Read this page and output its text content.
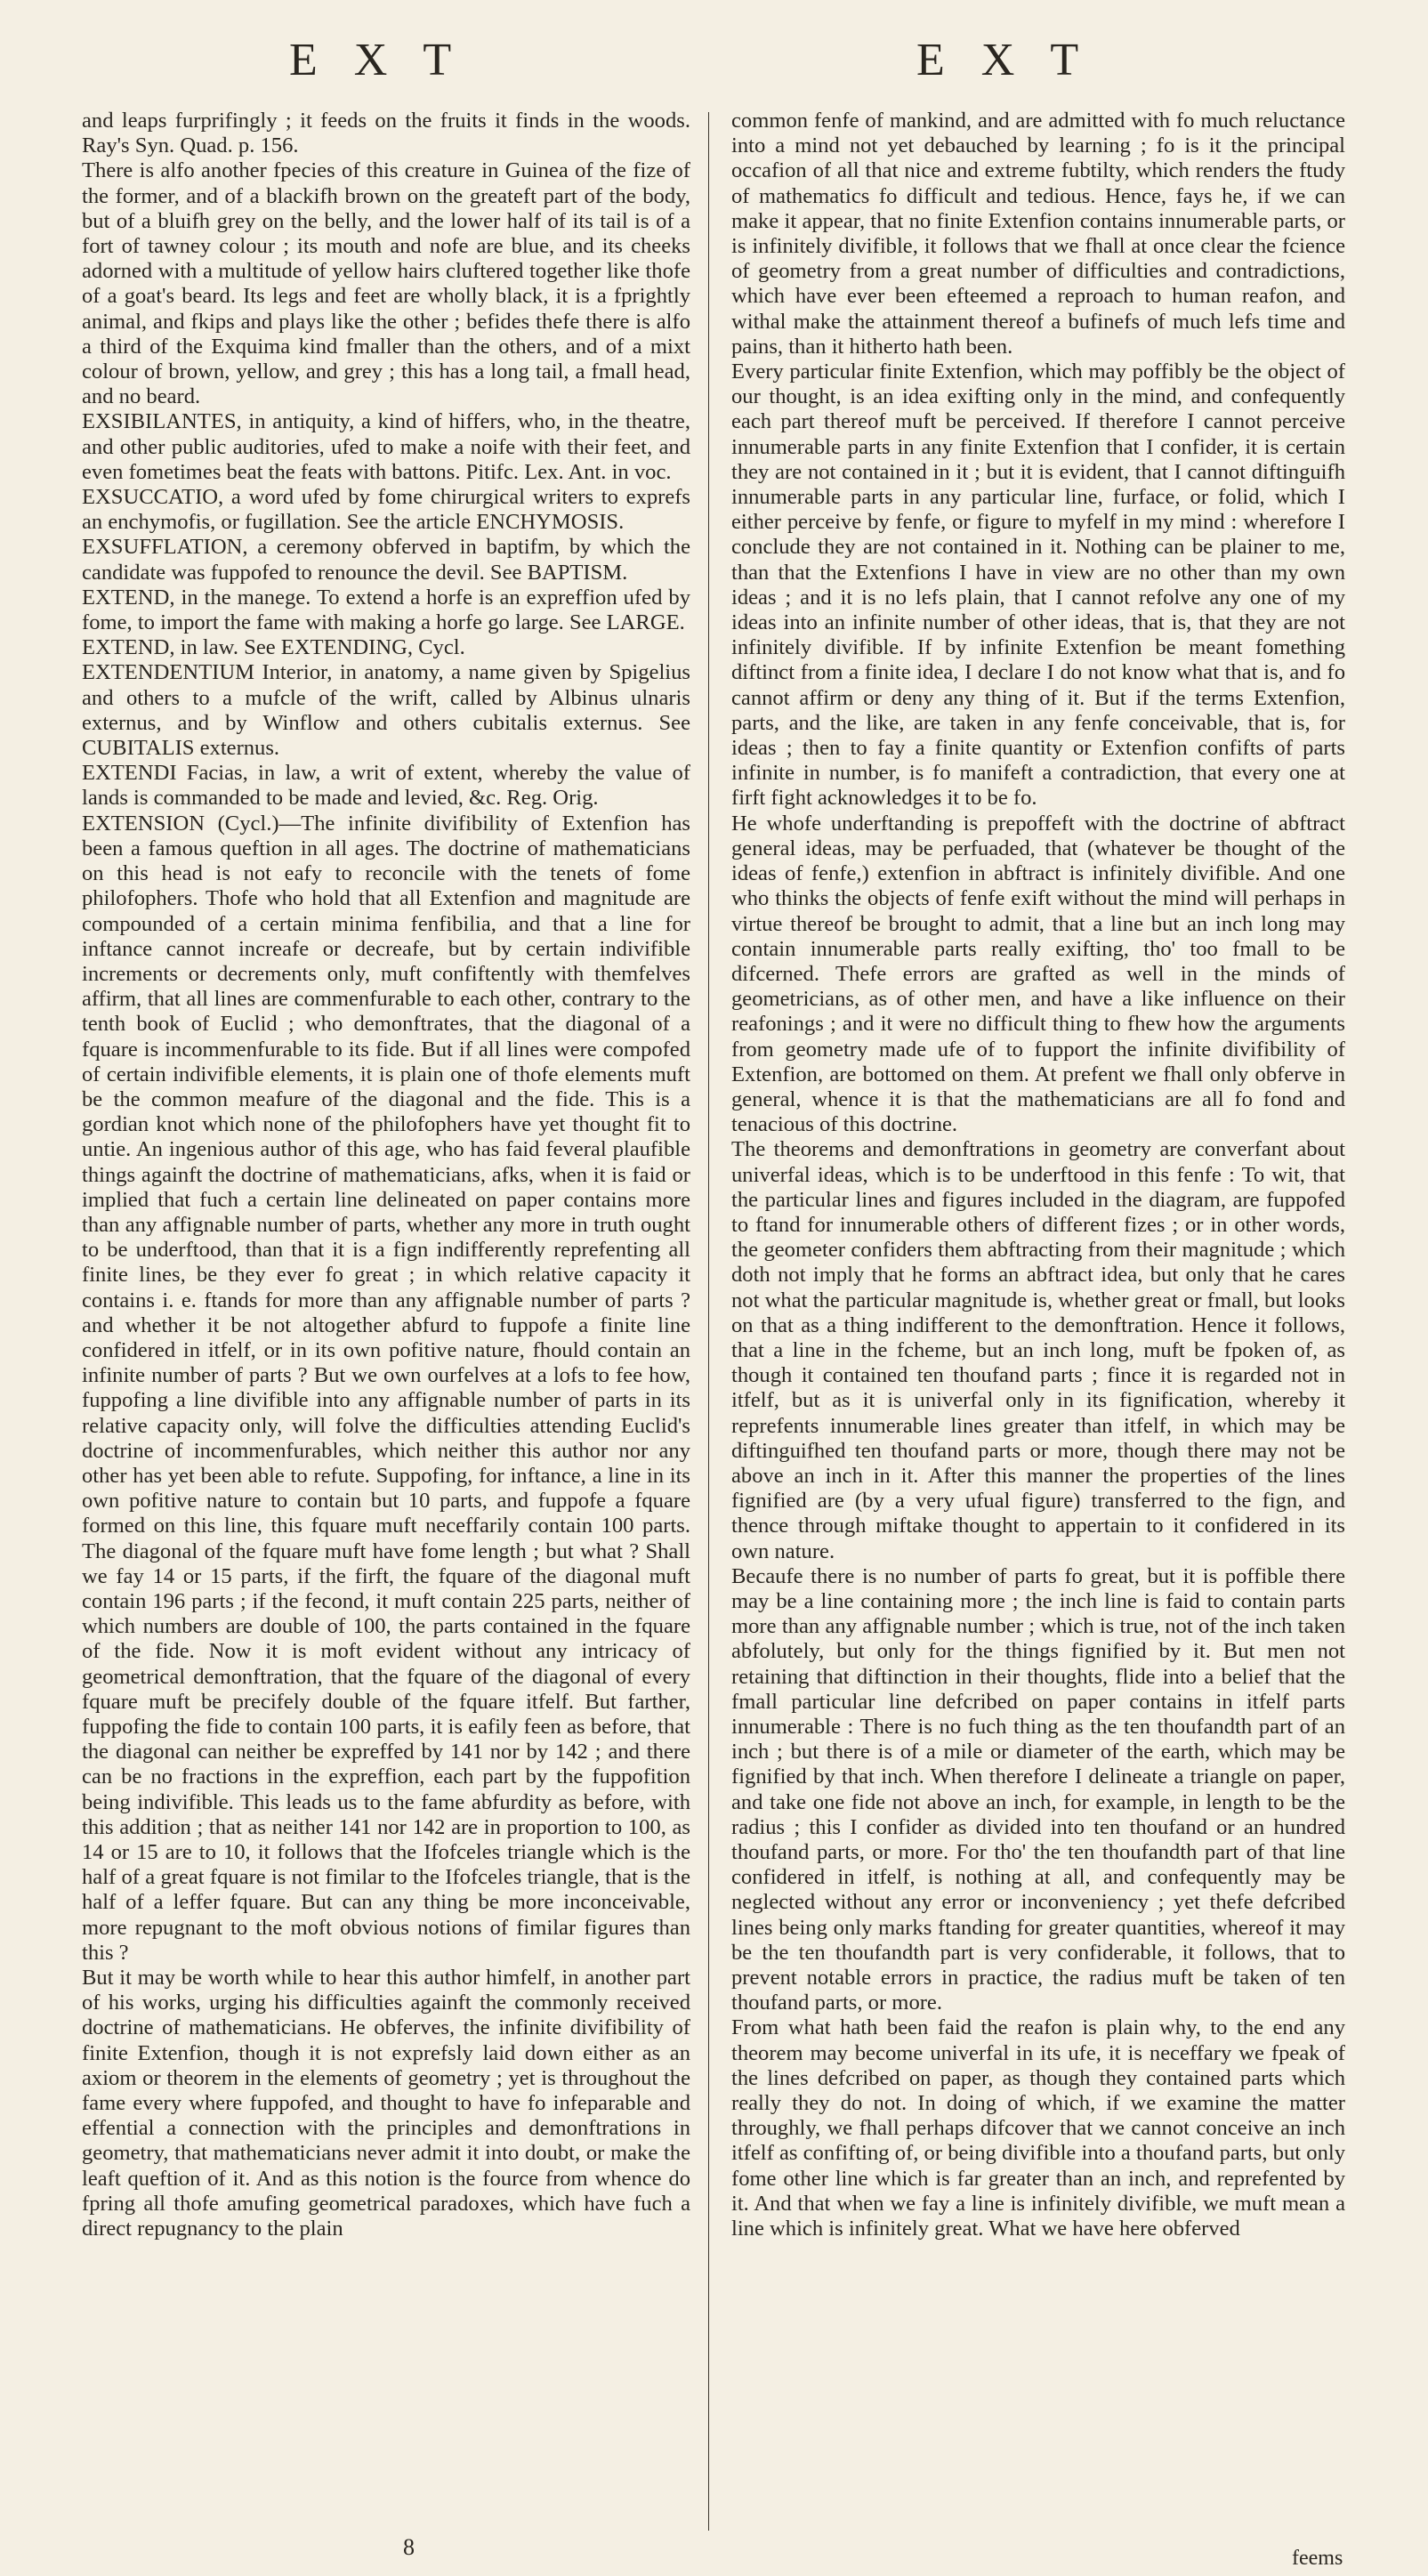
E X T	E X T

and leaps furprifingly ; it feeds on the fruits it finds in the woods. Ray's Syn. Quad. p. 156.

There is alfo another fpecies of this creature in Guinea of the fize of the former, and of a blackifh brown on the greateft part of the body, but of a bluifh grey on the belly, and the lower half of its tail is of a fort of tawney colour ; its mouth and nofe are blue, and its cheeks adorned with a multitude of yellow hairs cluftered together like thofe of a goat's beard. Its legs and feet are wholly black, it is a fprightly animal, and fkips and plays like the other ; befides thefe there is alfo a third of the Exquima kind fmaller than the others, and of a mixt colour of brown, yellow, and grey ; this has a long tail, a fmall head, and no beard.

EXSIBILANTES, in antiquity, a kind of hiffers, who, in the theatre, and other public auditories, ufed to make a noife with their feet, and even fometimes beat the feats with battons. Pitifc. Lex. Ant. in voc.

EXSUCCATIO, a word ufed by fome chirurgical writers to exprefs an enchymofis, or fugillation. See the article ENCHYMOSIS.

EXSUFFLATION, a ceremony obferved in baptifm, by which the candidate was fuppofed to renounce the devil. See BAPTISM.

EXTEND, in the manege. To extend a horfe is an expreffion ufed by fome, to import the fame with making a horfe go large. See LARGE.

EXTEND, in law. See EXTENDING, Cycl.

EXTENDENTIUM Interior, in anatomy, a name given by Spigelius and others to a mufcle of the wrift, called by Albinus ulnaris externus, and by Winflow and others cubitalis externus. See CUBITALIS externus.

EXTENDI Facias, in law, a writ of extent, whereby the value of lands is commanded to be made and levied, &c. Reg. Orig.

EXTENSION (Cycl.)—The infinite divifibility of Extenfion has been a famous queftion in all ages. The doctrine of mathematicians on this head is not eafy to reconcile with the tenets of fome philofophers. Thofe who hold that all Extenfion and magnitude are compounded of a certain minima fenfibilia, and that a line for inftance cannot increafe or decreafe, but by certain indivifible increments or decrements only, muft confiftently with themfelves affirm, that all lines are commenfurable to each other, contrary to the tenth book of Euclid ; who demonftrates, that the diagonal of a fquare is incommenfurable to its fide. But if all lines were compofed of certain indivifible elements, it is plain one of thofe elements muft be the common meafure of the diagonal and the fide. This is a gordian knot which none of the philofophers have yet thought fit to untie. An ingenious author of this age, who has faid feveral plaufible things againft the doctrine of mathematicians, afks, when it is faid or implied that fuch a certain line delineated on paper contains more than any affignable number of parts, whether any more in truth ought to be underftood, than that it is a fign indifferently reprefenting all finite lines, be they ever fo great ; in which relative capacity it contains i. e. ftands for more than any affignable number of parts ? and whether it be not altogether abfurd to fuppofe a finite line confidered in itfelf, or in its own pofitive nature, fhould contain an infinite number of parts ? But we own ourfelves at a lofs to fee how, fuppofing a line divifible into any affignable number of parts in its relative capacity only, will folve the difficulties attending Euclid's doctrine of incommenfurables, which neither this author nor any other has yet been able to refute. Suppofing, for inftance, a line in its own pofitive nature to contain but 10 parts, and fuppofe a fquare formed on this line, this fquare muft neceffarily contain 100 parts. The diagonal of the fquare muft have fome length ; but what ? Shall we fay 14 or 15 parts, if the firft, the fquare of the diagonal muft contain 196 parts ; if the fecond, it muft contain 225 parts, neither of which numbers are double of 100, the parts contained in the fquare of the fide. Now it is moft evident without any intricacy of geometrical demonftration, that the fquare of the diagonal of every fquare muft be precifely double of the fquare itfelf. But farther, fuppofing the fide to contain 100 parts, it is eafily feen as before, that the diagonal can neither be expreffed by 141 nor by 142 ; and there can be no fractions in the expreffion, each part by the fuppofition being indivifible. This leads us to the fame abfurdity as before, with this addition ; that as neither 141 nor 142 are in proportion to 100, as 14 or 15 are to 10, it follows that the Ifofceles triangle which is the half of a great fquare is not fimilar to the Ifofceles triangle, that is the half of a leffer fquare. But can any thing be more inconceivable, more repugnant to the moft obvious notions of fimilar figures than this ?

But it may be worth while to hear this author himfelf, in another part of his works, urging his difficulties againft the commonly received doctrine of mathematicians. He obferves, the infinite divifibility of finite Extenfion, though it is not exprefsly laid down either as an axiom or theorem in the elements of geometry ; yet is throughout the fame every where fuppofed, and thought to have fo infeparable and effential a connection with the principles and demonftrations in geometry, that mathematicians never admit it into doubt, or make the leaft queftion of it. And as this notion is the fource from whence do fpring all thofe amufing geometrical paradoxes, which have fuch a direct repugnancy to the plain

common fenfe of mankind, and are admitted with fo much reluctance into a mind not yet debauched by learning ; fo is it the principal occafion of all that nice and extreme fubtilty, which renders the ftudy of mathematics fo difficult and tedious. Hence, fays he, if we can make it appear, that no finite Extenfion contains innumerable parts, or is infinitely divifible, it follows that we fhall at once clear the fcience of geometry from a great number of difficulties and contradictions, which have ever been efteemed a reproach to human reafon, and withal make the attainment thereof a bufinefs of much lefs time and pains, than it hitherto hath been.

Every particular finite Extenfion, which may poffibly be the object of our thought, is an idea exifting only in the mind, and confequently each part thereof muft be perceived. If therefore I cannot perceive innumerable parts in any finite Extenfion that I confider, it is certain they are not contained in it ; but it is evident, that I cannot diftinguifh innumerable parts in any particular line, furface, or folid, which I either perceive by fenfe, or figure to myfelf in my mind : wherefore I conclude they are not contained in it. Nothing can be plainer to me, than that the Extenfions I have in view are no other than my own ideas ; and it is no lefs plain, that I cannot refolve any one of my ideas into an infinite number of other ideas, that is, that they are not infinitely divifible. If by infinite Extenfion be meant fomething diftinct from a finite idea, I declare I do not know what that is, and fo cannot affirm or deny any thing of it. But if the terms Extenfion, parts, and the like, are taken in any fenfe conceivable, that is, for ideas ; then to fay a finite quantity or Extenfion confifts of parts infinite in number, is fo manifeft a contradiction, that every one at firft fight acknowledges it to be fo.

He whofe underftanding is prepoffeft with the doctrine of abftract general ideas, may be perfuaded, that (whatever be thought of the ideas of fenfe,) extenfion in abftract is infinitely divifible. And one who thinks the objects of fenfe exift without the mind will perhaps in virtue thereof be brought to admit, that a line but an inch long may contain innumerable parts really exifting, tho' too fmall to be difcerned. Thefe errors are grafted as well in the minds of geometricians, as of other men, and have a like influence on their reafonings ; and it were no difficult thing to fhew how the arguments from geometry made ufe of to fupport the infinite divifibility of Extenfion, are bottomed on them. At prefent we fhall only obferve in general, whence it is that the mathematicians are all fo fond and tenacious of this doctrine.

The theorems and demonftrations in geometry are converfant about univerfal ideas, which is to be underftood in this fenfe : To wit, that the particular lines and figures included in the diagram, are fuppofed to ftand for innumerable others of different fizes ; or in other words, the geometer confiders them abftracting from their magnitude ; which doth not imply that he forms an abftract idea, but only that he cares not what the particular magnitude is, whether great or fmall, but looks on that as a thing indifferent to the demonftration. Hence it follows, that a line in the fcheme, but an inch long, muft be fpoken of, as though it contained ten thoufand parts ; fince it is regarded not in itfelf, but as it is univerfal only in its fignification, whereby it reprefents innumerable lines greater than itfelf, in which may be diftinguifhed ten thoufand parts or more, though there may not be above an inch in it. After this manner the properties of the lines fignified are (by a very ufual figure) transferred to the fign, and thence through miftake thought to appertain to it confidered in its own nature.

Becaufe there is no number of parts fo great, but it is poffible there may be a line containing more ; the inch line is faid to contain parts more than any affignable number ; which is true, not of the inch taken abfolutely, but only for the things fignified by it. But men not retaining that diftinction in their thoughts, flide into a belief that the fmall particular line defcribed on paper contains in itfelf parts innumerable : There is no fuch thing as the ten thoufandth part of an inch ; but there is of a mile or diameter of the earth, which may be fignified by that inch. When therefore I delineate a triangle on paper, and take one fide not above an inch, for example, in length to be the radius ; this I confider as divided into ten thoufand or an hundred thoufand parts, or more. For tho' the ten thoufandth part of that line confidered in itfelf, is nothing at all, and confequently may be neglected without any error or inconveniency ; yet thefe defcribed lines being only marks ftanding for greater quantities, whereof it may be the ten thoufandth part is very confiderable, it follows, that to prevent notable errors in practice, the radius muft be taken of ten thoufand parts, or more.

From what hath been faid the reafon is plain why, to the end any theorem may become univerfal in its ufe, it is neceffary we fpeak of the lines defcribed on paper, as though they contained parts which really they do not. In doing of which, if we examine the matter throughly, we fhall perhaps difcover that we cannot conceive an inch itfelf as confifting of, or being divifible into a thoufand parts, but only fome other line which is far greater than an inch, and reprefented by it. And that when we fay a line is infinitely divifible, we muft mean a line which is infinitely great. What we have here obferved

8	feems
